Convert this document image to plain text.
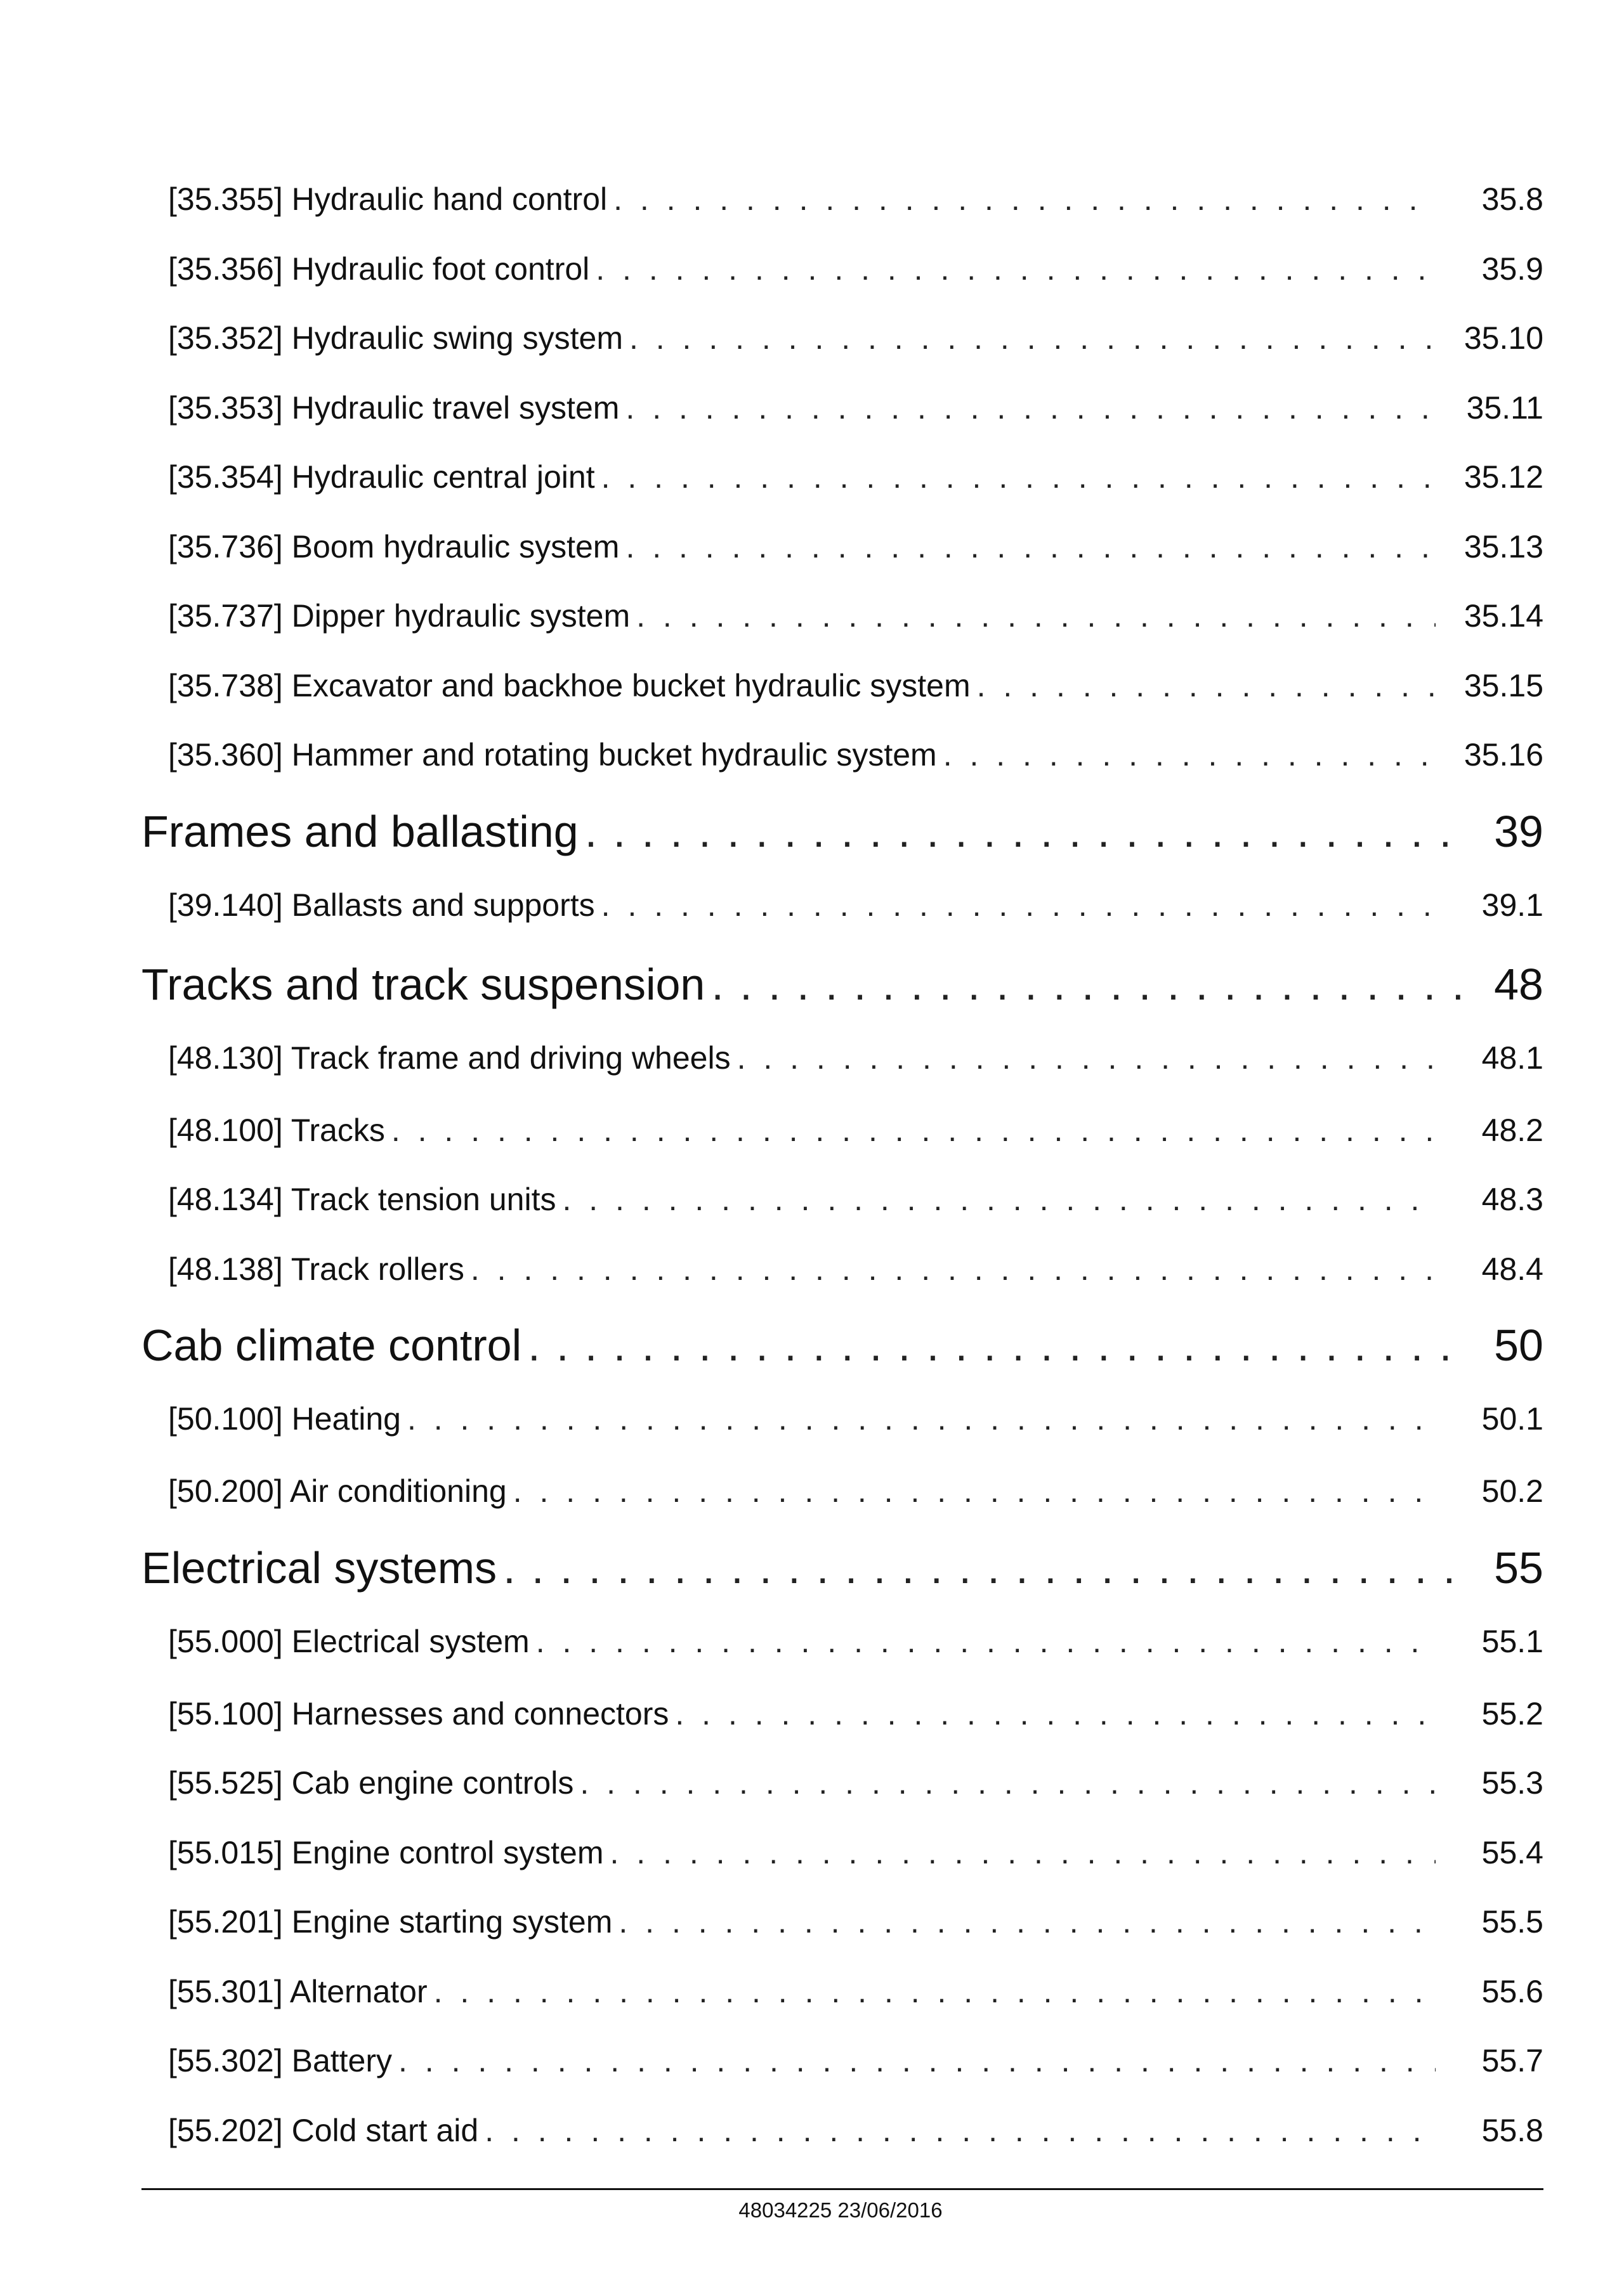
[35.355] Hydraulic hand control . . .	35.8
[35.356] Hydraulic foot control . . .	35.9
[35.352] Hydraulic swing system . . .	35.10
[35.353] Hydraulic travel system . . .	35.11
[35.354] Hydraulic central joint . . .	35.12
[35.736] Boom hydraulic system . . .	35.13
[35.737] Dipper hydraulic system . . .	35.14
[35.738] Excavator and backhoe bucket hydraulic system . . .	35.15
[35.360] Hammer and rotating bucket hydraulic system . . .	35.16
Frames and ballasting . . .	39
[39.140] Ballasts and supports . . .	39.1
Tracks and track suspension . . .	48
[48.130] Track frame and driving wheels . . .	48.1
[48.100] Tracks . . .	48.2
[48.134] Track tension units . . .	48.3
[48.138] Track rollers . . .	48.4
Cab climate control . . .	50
[50.100] Heating . . .	50.1
[50.200] Air conditioning . . .	50.2
Electrical systems . . .	55
[55.000] Electrical system . . .	55.1
[55.100] Harnesses and connectors . . .	55.2
[55.525] Cab engine controls . . .	55.3
[55.015] Engine control system . . .	55.4
[55.201] Engine starting system . . .	55.5
[55.301] Alternator . . .	55.6
[55.302] Battery . . .	55.7
[55.202] Cold start aid . . .	55.8
48034225 23/06/2016
